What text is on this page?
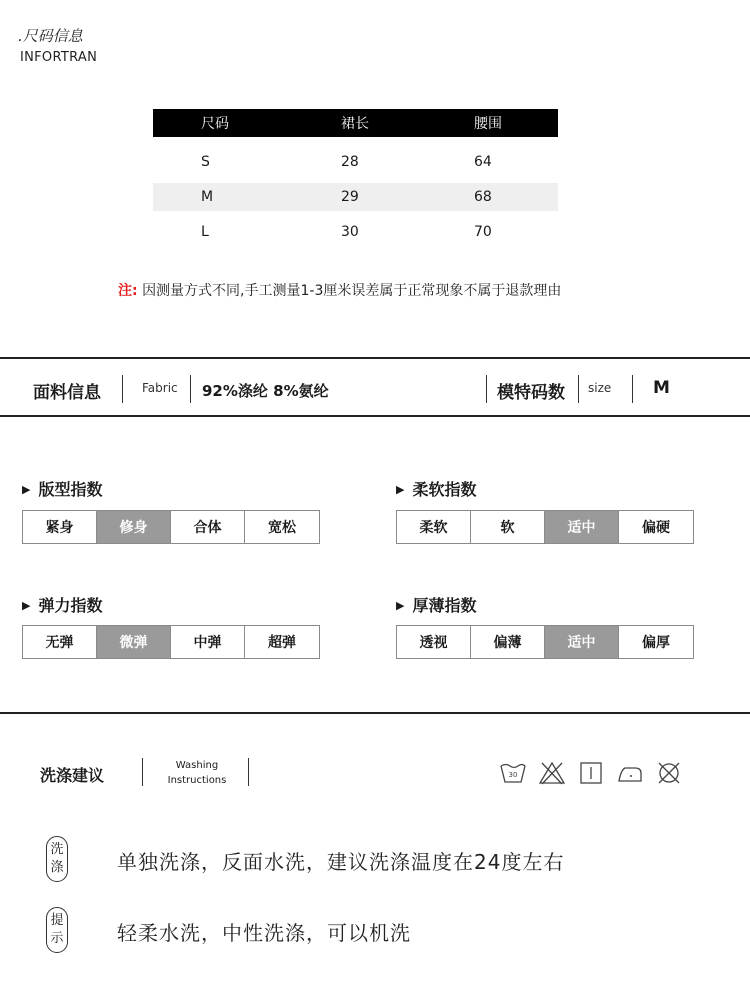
.尺码信息
INFORTRAN
尺码	裙长	腰围
S	28	64
M	29	68
L	30	70
注: 因测量方式不同,手工测量1-3厘米误差属于正常现象不属于退款理由
面料信息	Fabric 92%涤纶 8%氨纶	模特码数 size M
▶ 版型指数
紧身	修身	合体	宽松
▶ 柔软指数
柔软	软	适中	偏硬
▶ 弹力指数
无弹	微弹	中弹	超弹
▶ 厚薄指数
透视	偏薄	适中	偏厚
洗涤建议
Washing
Instructions	30
洗
涤	单独洗涤，反面水洗，建议洗涤温度在24度左右
提
示	轻柔水洗，中性洗涤，可以机洗
